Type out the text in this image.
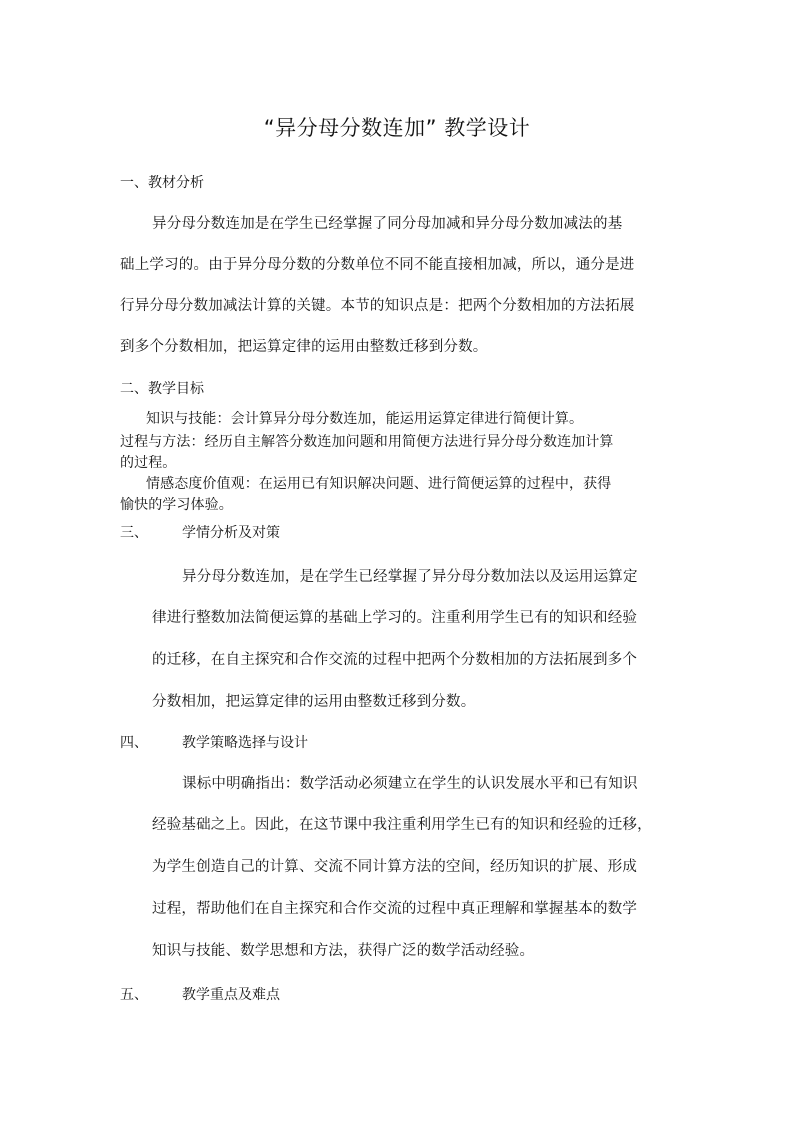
“异分母分数连加” 教学设计
一、教材分析

异分母分数连加是在学生已经掌握了同分母加减和异分母分数加减法的基

础上学习的。由于异分母分数的分数单位不同不能直接相加减，所以，通分是进

行异分母分数加减法计算的关键。本节的知识点是：把两个分数相加的方法拓展

到多个分数相加，把运算定律的运用由整数迁移到分数。

二、教学目标

知识与技能：会计算异分母分数连加，能运用运算定律进行简便计算。

过程与方法：经历自主解答分数连加问题和用简便方法进行异分母分数连加计算

的过程。

情感态度价值观：在运用已有知识解决问题、进行简便运算的过程中，获得

愉快的学习体验。

三、 学情分析及对策

异分母分数连加，是在学生已经掌握了异分母分数加法以及运用运算定

律进行整数加法简便运算的基础上学习的。注重利用学生已有的知识和经验

的迁移，在自主探究和合作交流的过程中把两个分数相加的方法拓展到多个

分数相加，把运算定律的运用由整数迁移到分数。

四、 教学策略选择与设计

课标中明确指出：数学活动必须建立在学生的认识发展水平和已有知识

经验基础之上。因此，在这节课中我注重利用学生已有的知识和经验的迁移，

为学生创造自己的计算、交流不同计算方法的空间，经历知识的扩展、形成

过程，帮助他们在自主探究和合作交流的过程中真正理解和掌握基本的数学

知识与技能、数学思想和方法，获得广泛的数学活动经验。

五、 教学重点及难点
